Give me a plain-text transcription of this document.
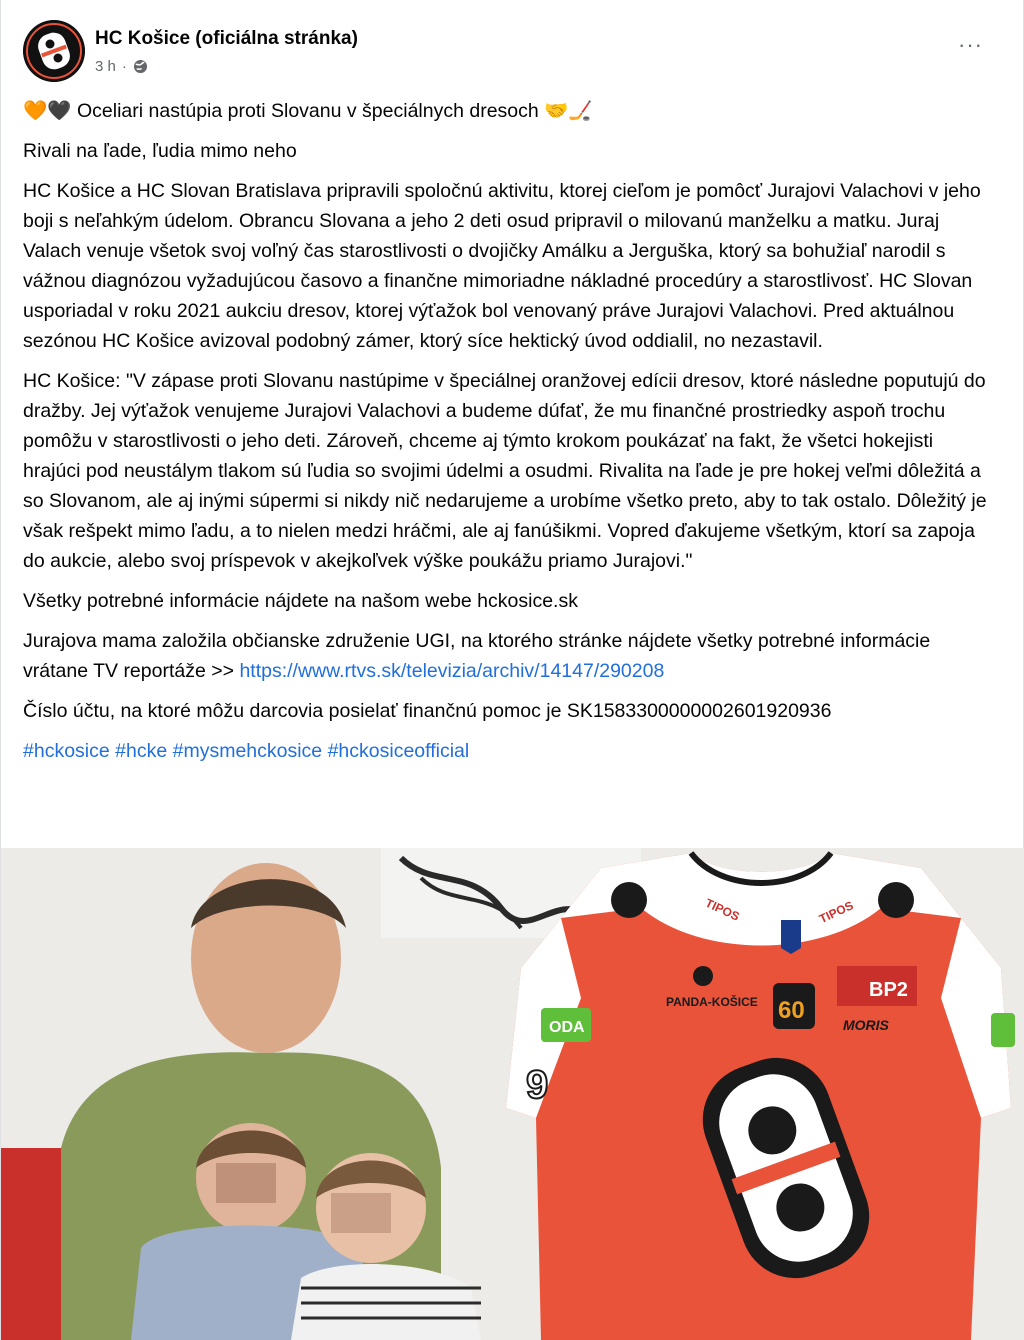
HC Košice (oficiálna stránka)
3 h ·
···

🧡🖤 Oceliari nastúpia proti Slovanu v špeciálnych dresoch 🤝🏒

Rivali na ľade, ľudia mimo neho

HC Košice a HC Slovan Bratislava pripravili spoločnú aktivitu, ktorej cieľom je pomôcť Jurajovi Valachovi v jeho boji s neľahkým údelom. Obrancu Slovana a jeho 2 deti osud pripravil o milovanú manželku a matku. Juraj Valach venuje všetok svoj voľný čas starostlivosti o dvojičky Amálku a Jerguška, ktorý sa bohužiaľ narodil s vážnou diagnózou vyžadujúcou časovo a finančne mimoriadne nákladné procedúry a starostlivosť. HC Slovan usporiadal v roku 2021 aukciu dresov, ktorej výťažok bol venovaný práve Jurajovi Valachovi. Pred aktuálnou sezónou HC Košice avizoval podobný zámer, ktorý síce hektický úvod oddialil, no nezastavil.

HC Košice: "V zápase proti Slovanu nastúpime v špeciálnej oranžovej edícii dresov, ktoré následne poputujú do dražby. Jej výťažok venujeme Jurajovi Valachovi a budeme dúfať, že mu finančné prostriedky aspoň trochu pomôžu v starostlivosti o jeho deti. Zároveň, chceme aj týmto krokom poukázať na fakt, že všetci hokejisti hrajúci pod neustálym tlakom sú ľudia so svojimi údelmi a osudmi. Rivalita na ľade je pre hokej veľmi dôležitá a so Slovanom, ale aj inými súpermi si nikdy nič nedarujeme a urobíme všetko preto, aby to tak ostalo. Dôležitý je však rešpekt mimo ľadu, a to nielen medzi hráčmi, ale aj fanúšikmi. Vopred ďakujeme všetkým, ktorí sa zapoja do aukcie, alebo svoj príspevok v akejkoľvek výške poukážu priamo Jurajovi."

Všetky potrebné informácie nájdete na našom webe hckosice.sk

Jurajova mama založila občianske združenie UGI, na ktorého stránke nájdete všetky potrebné informácie vrátane TV reportáže >> https://www.rtvs.sk/televizia/archiv/14147/290208

Číslo účtu, na ktoré môžu darcovia posielať finančnú pomoc je SK1583300000002601920936

#hckosice #hcke #mysmehckosice #hckosiceofficial

ODA
9
TIPOS	TIPOS
PANDA-KOŠICE 60
BP2
MORIS
